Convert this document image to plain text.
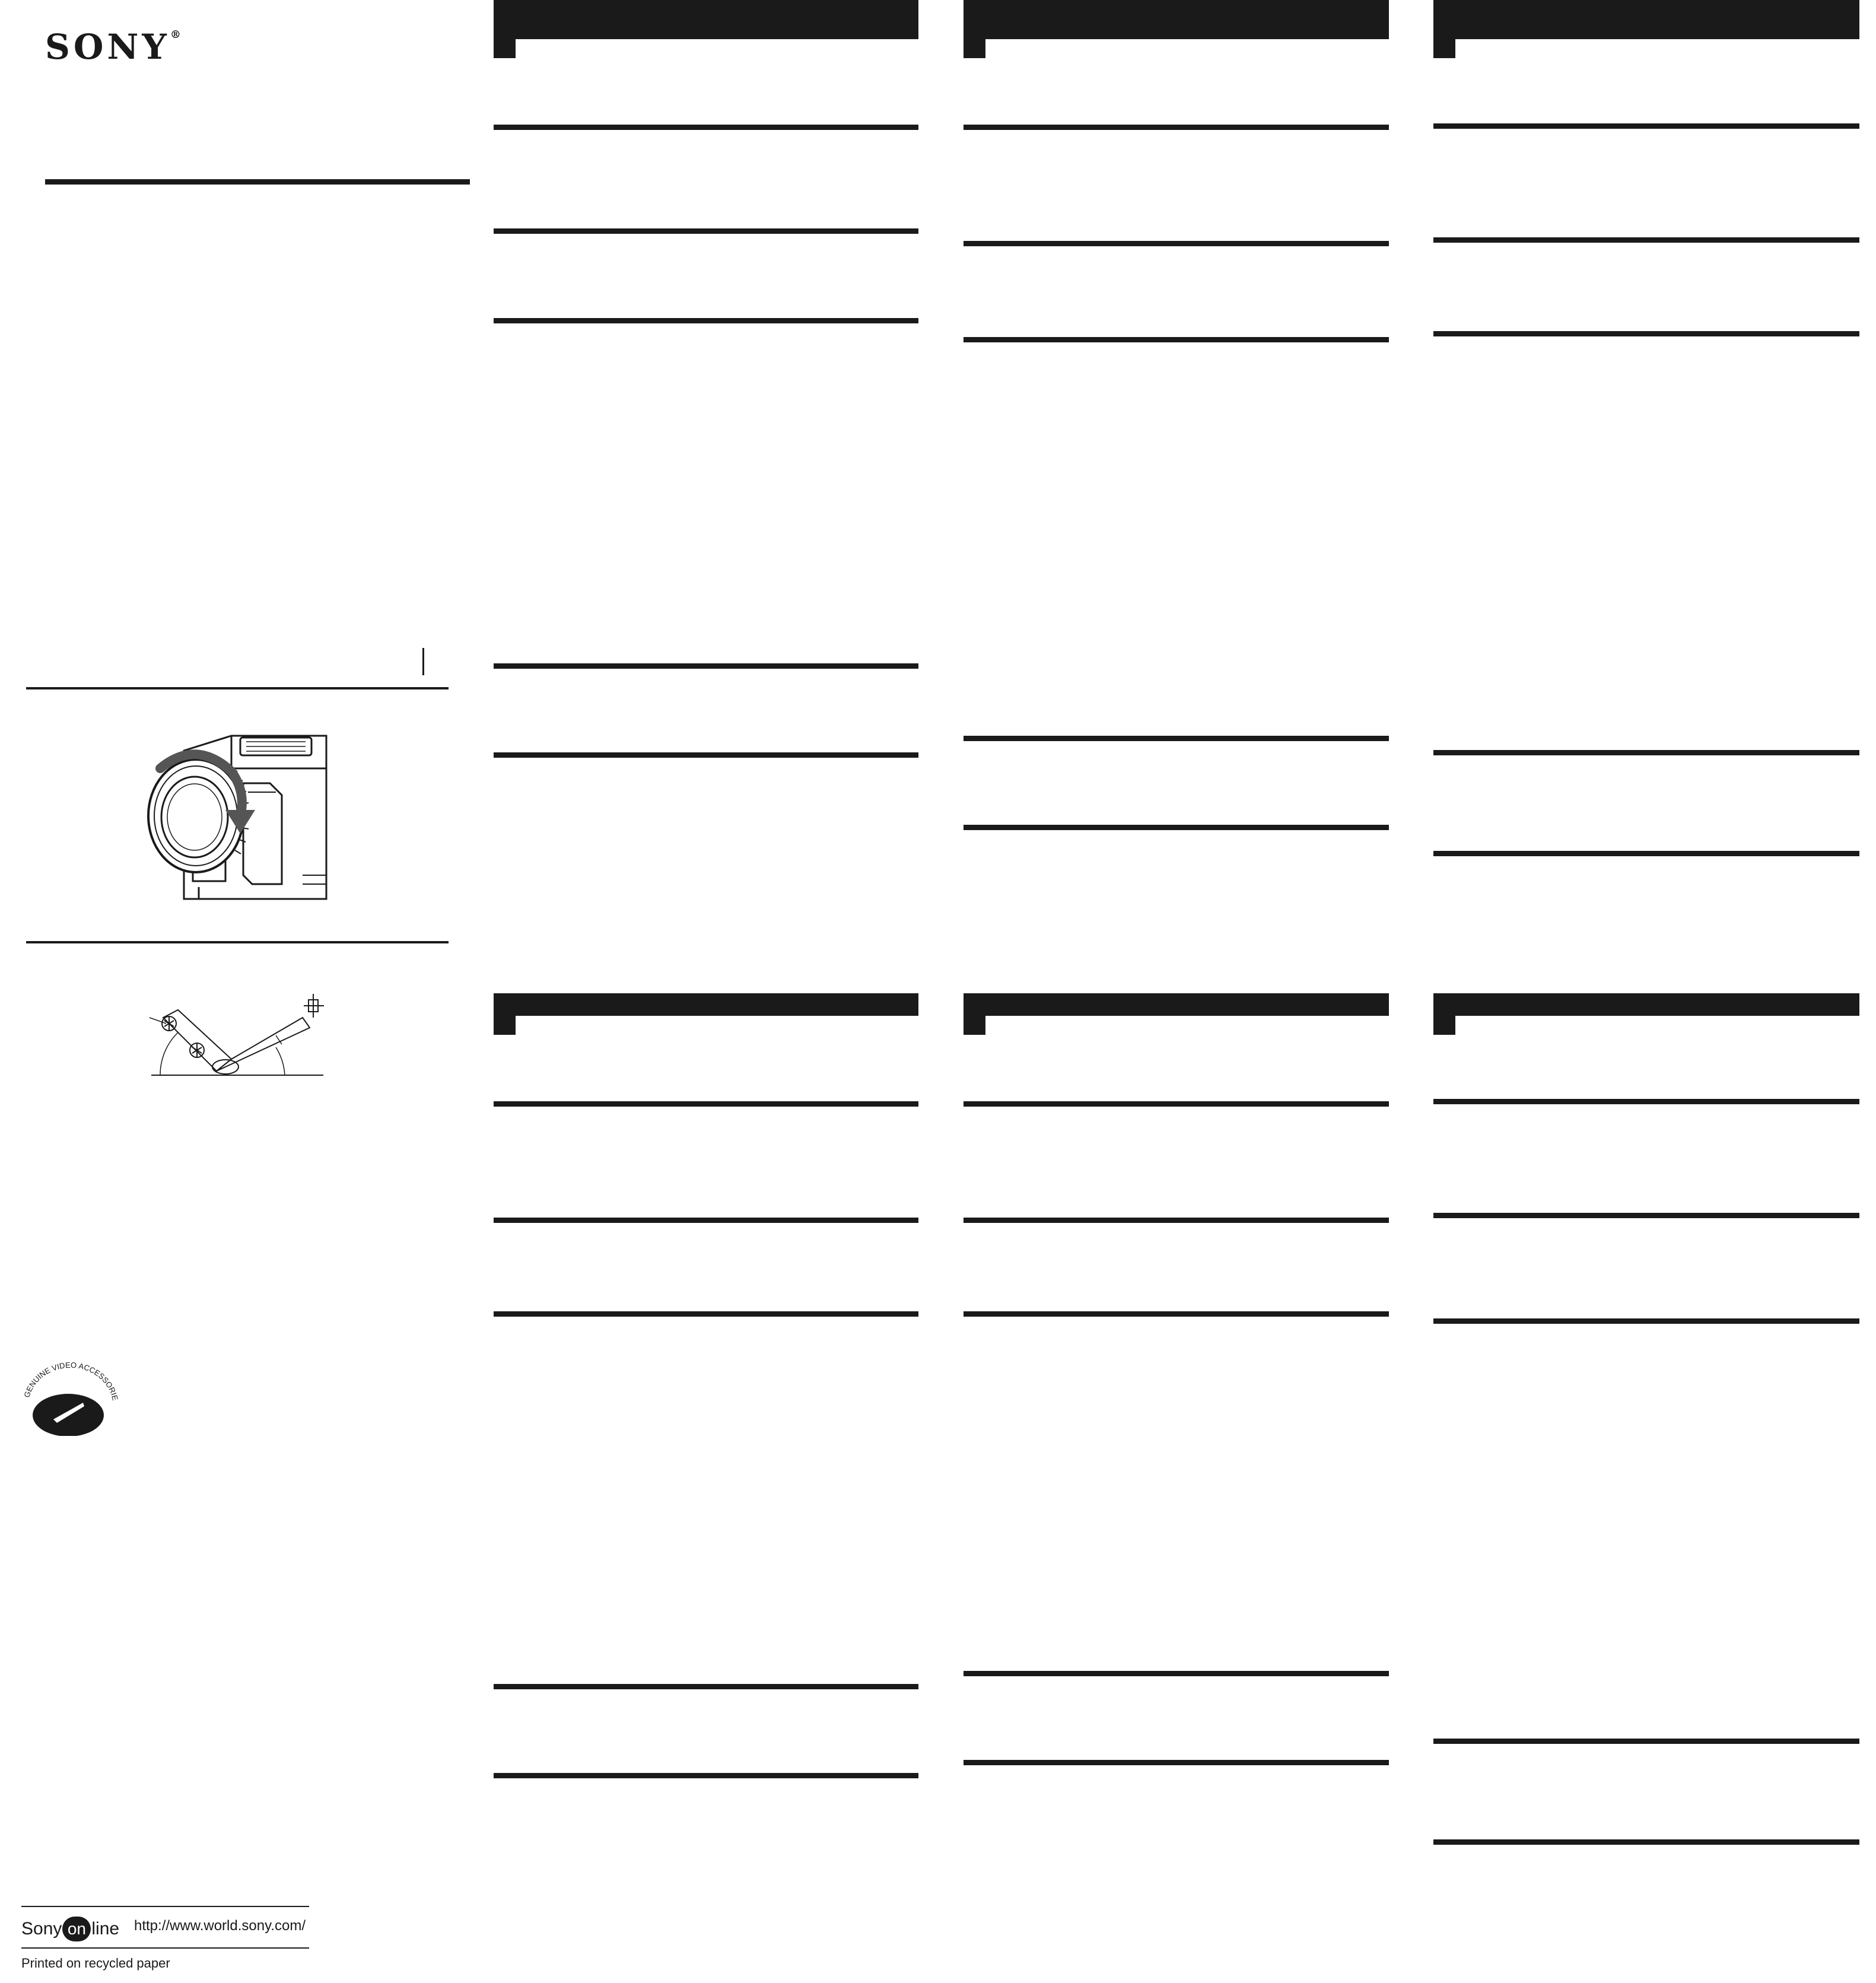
SONY®
GENUINE VIDEO ACCESSORI
Sony on line http://www.world.sony.com/
Printed on recycled paper
